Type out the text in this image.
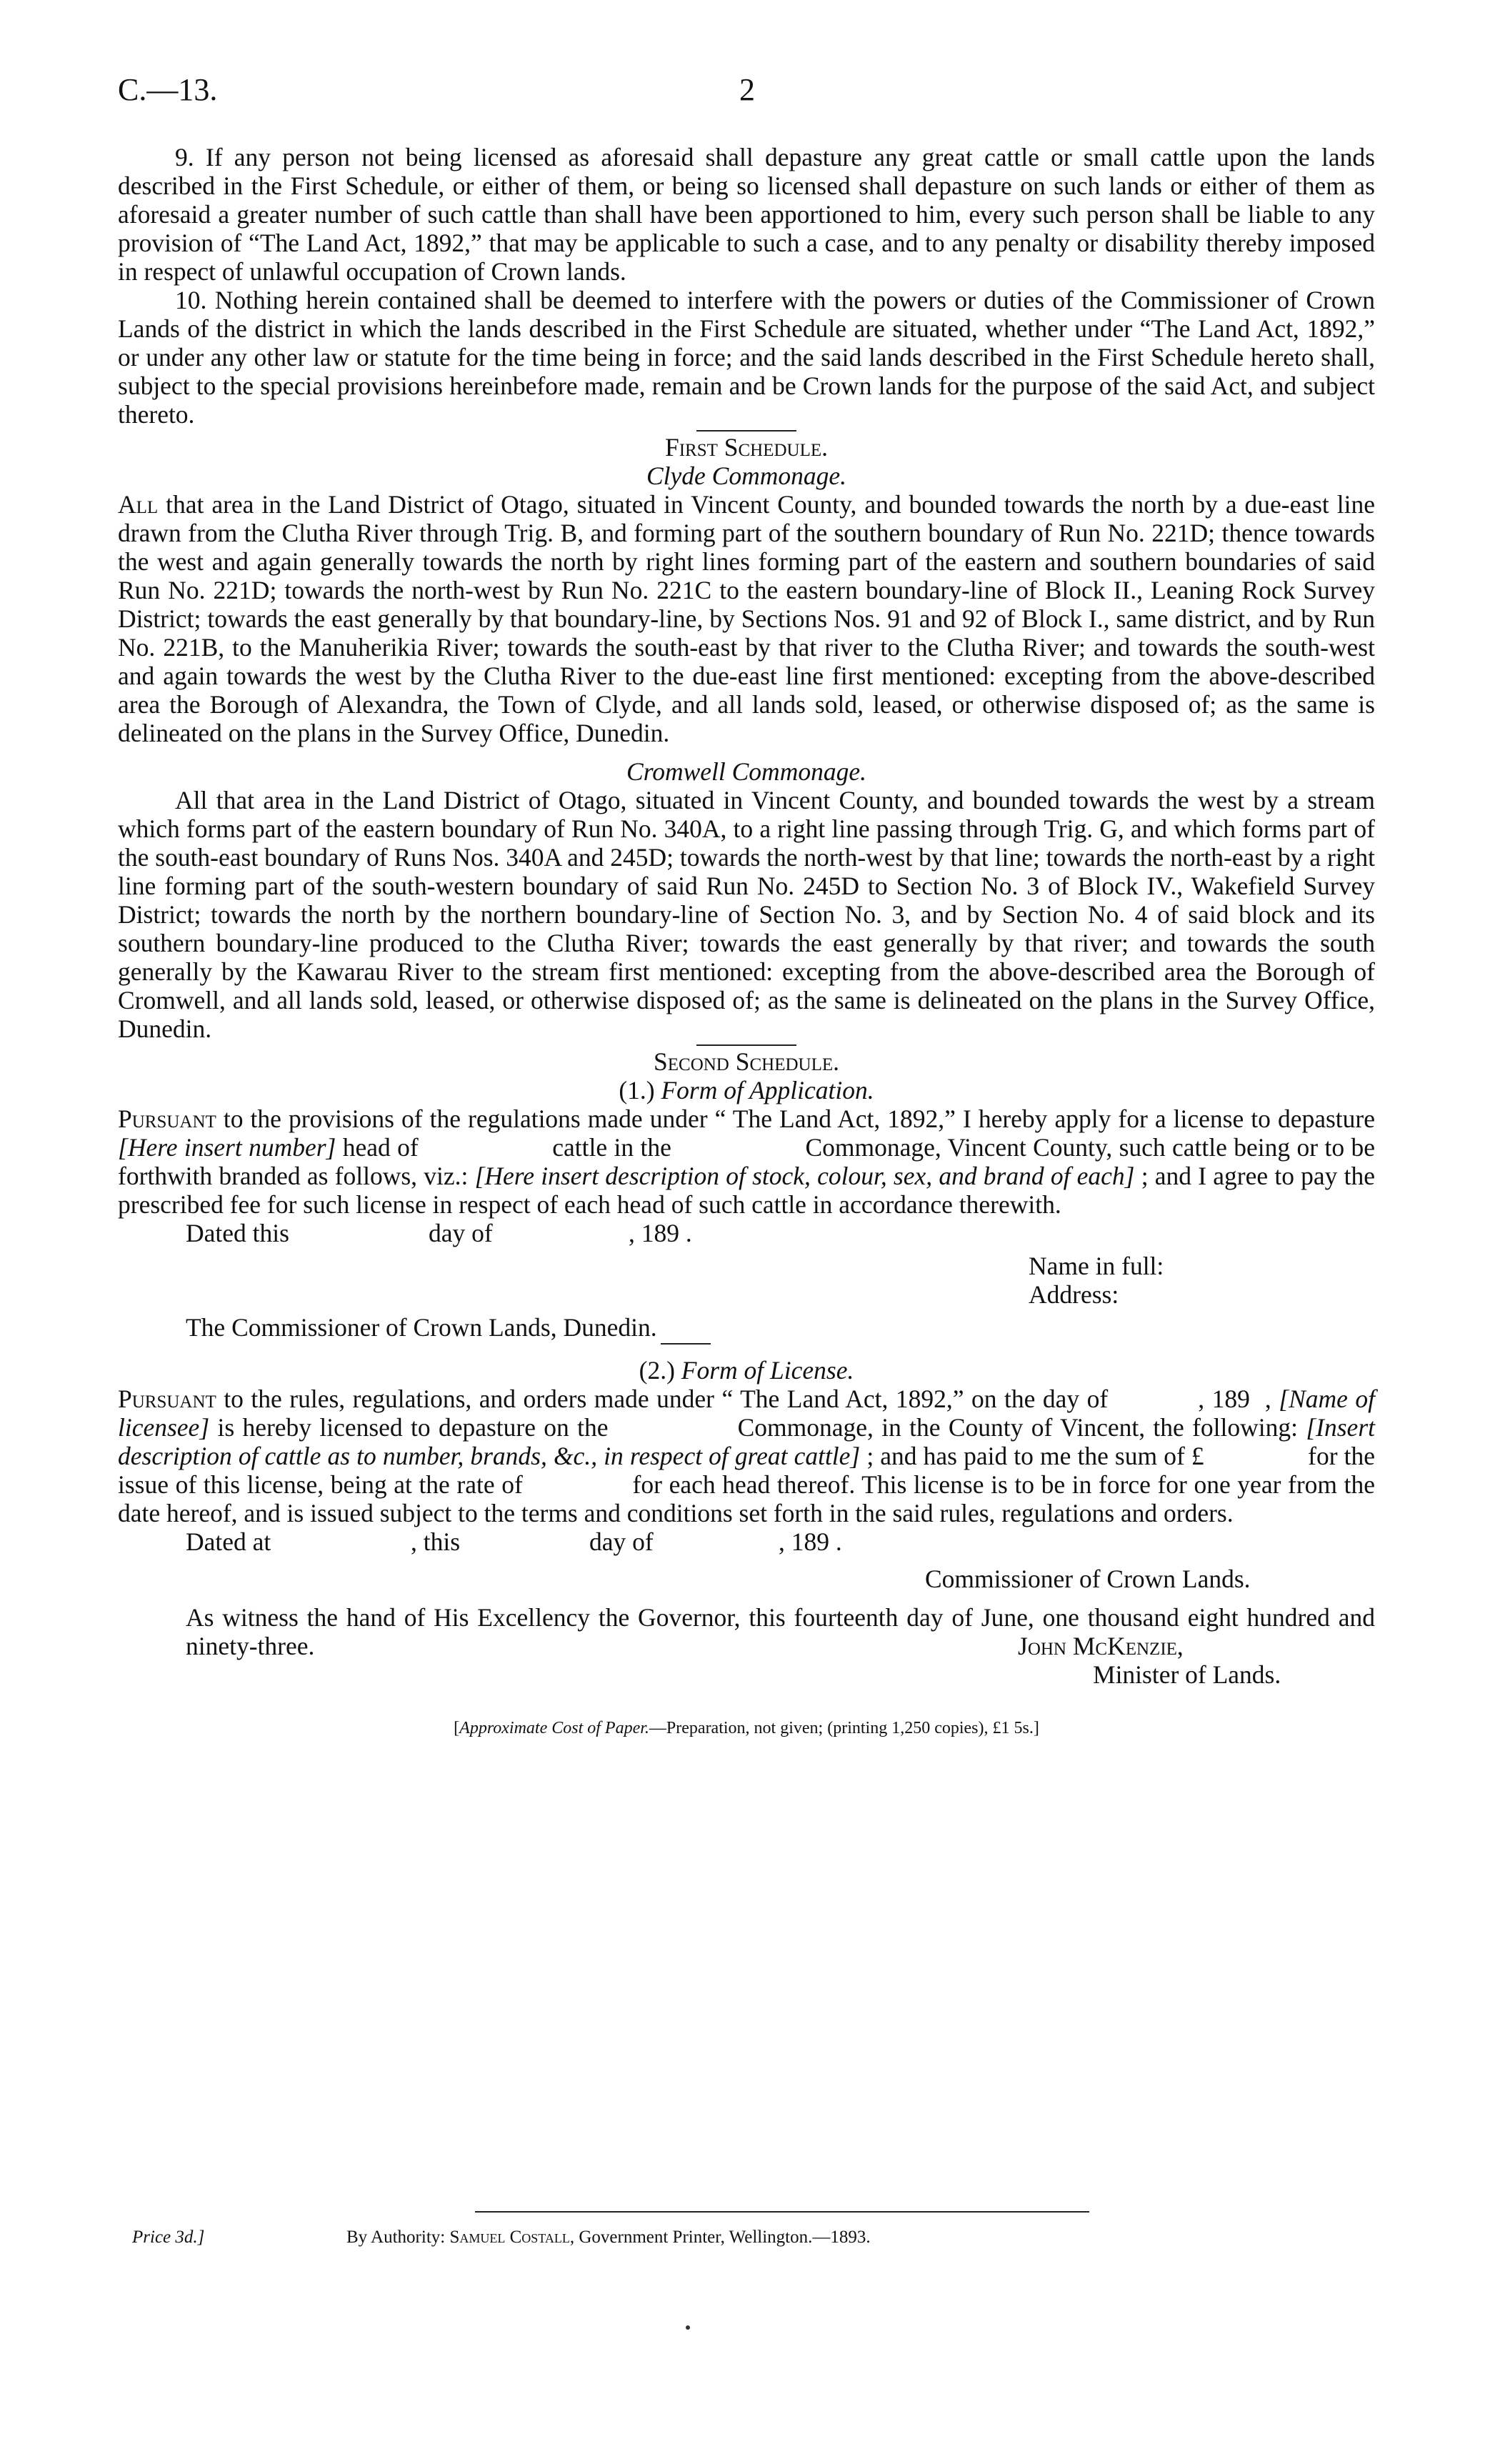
C.—13.	2

9. If any person not being licensed as aforesaid shall depasture any great cattle or small cattle upon the lands described in the First Schedule, or either of them, or being so licensed shall depasture on such lands or either of them as aforesaid a greater number of such cattle than shall have been apportioned to him, every such person shall be liable to any provision of “The Land Act, 1892,” that may be applicable to such a case, and to any penalty or disability thereby imposed in respect of unlawful occupation of Crown lands.

10. Nothing herein contained shall be deemed to interfere with the powers or duties of the Commissioner of Crown Lands of the district in which the lands described in the First Schedule are situated, whether under “The Land Act, 1892,” or under any other law or statute for the time being in force; and the said lands described in the First Schedule hereto shall, subject to the special provisions hereinbefore made, remain and be Crown lands for the purpose of the said Act, and subject thereto.

First Schedule.

Clyde Commonage.

All that area in the Land District of Otago, situated in Vincent County, and bounded towards the north by a due-east line drawn from the Clutha River through Trig. B, and forming part of the southern boundary of Run No. 221D; thence towards the west and again generally towards the north by right lines forming part of the eastern and southern boundaries of said Run No. 221D; towards the north-west by Run No. 221C to the eastern boundary-line of Block II., Leaning Rock Survey District; towards the east generally by that boundary-line, by Sections Nos. 91 and 92 of Block I., same district, and by Run No. 221B, to the Manuherikia River; towards the south-east by that river to the Clutha River; and towards the south-west and again towards the west by the Clutha River to the due-east line first mentioned: excepting from the above-described area the Borough of Alexandra, the Town of Clyde, and all lands sold, leased, or otherwise disposed of; as the same is delineated on the plans in the Survey Office, Dunedin.

Cromwell Commonage.

All that area in the Land District of Otago, situated in Vincent County, and bounded towards the west by a stream which forms part of the eastern boundary of Run No. 340A, to a right line passing through Trig. G, and which forms part of the south-east boundary of Runs Nos. 340A and 245D; towards the north-west by that line; towards the north-east by a right line forming part of the south-western boundary of said Run No. 245D to Section No. 3 of Block IV., Wakefield Survey District; towards the north by the northern boundary-line of Section No. 3, and by Section No. 4 of said block and its southern boundary-line produced to the Clutha River; towards the east generally by that river; and towards the south generally by the Kawarau River to the stream first mentioned: excepting from the above-described area the Borough of Cromwell, and all lands sold, leased, or otherwise disposed of; as the same is delineated on the plans in the Survey Office, Dunedin.

Second Schedule.

(1.) Form of Application.

Pursuant to the provisions of the regulations made under “ The Land Act, 1892,” I hereby apply for a license to depasture [Here insert number] head of                    cattle in the                    Commonage, Vincent County, such cattle being or to be forthwith branded as follows, viz.: [Here insert description of stock, colour, sex, and brand of each] ; and I agree to pay the prescribed fee for such license in respect of each head of such cattle in accordance therewith.

Dated this	day of	, 189 .
Name in full:
Address:

The Commissioner of Crown Lands, Dunedin.

(2.) Form of License.

Pursuant to the rules, regulations, and orders made under “ The Land Act, 1892,” on the day of            , 189  , [Name of licensee] is hereby licensed to depasture on the                Commonage, in the County of Vincent, the following: [Insert description of cattle as to number, brands, &c., in respect of great cattle] ; and has paid to me the sum of £                for the issue of this license, being at the rate of                for each head thereof. This license is to be in force for one year from the date hereof, and is issued subject to the terms and conditions set forth in the said rules, regulations and orders.

Dated at	, this	day of	, 189 .
Commissioner of Crown Lands.

As witness the hand of His Excellency the Governor, this fourteenth day of June, one thousand eight hundred and ninety-three.	John McKenzie,
Minister of Lands.

[Approximate Cost of Paper.—Preparation, not given; (printing 1,250 copies), £1 5s.]

Price 3d.]	By Authority: Samuel Costall, Government Printer, Wellington.—1893.
